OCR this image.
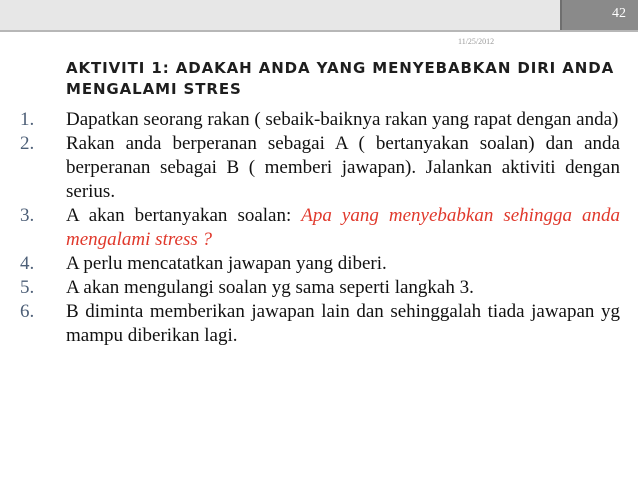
42
11/25/2012
AKTIVITI 1: ADAKAH ANDA YANG MENYEBABKAN DIRI ANDA MENGALAMI STRES
1. Dapatkan seorang rakan ( sebaik-baiknya rakan yang rapat dengan anda)
2. Rakan anda berperanan sebagai A ( bertanyakan soalan) dan anda berperanan sebagai B ( memberi jawapan). Jalankan aktiviti dengan serius.
3. A akan bertanyakan soalan: Apa yang menyebabkan sehingga anda mengalami stress ?
4. A perlu mencatatkan jawapan yang diberi.
5. A akan mengulangi soalan yg sama seperti langkah 3.
6. B diminta memberikan jawapan lain dan sehinggalah tiada jawapan yg mampu diberikan lagi.
